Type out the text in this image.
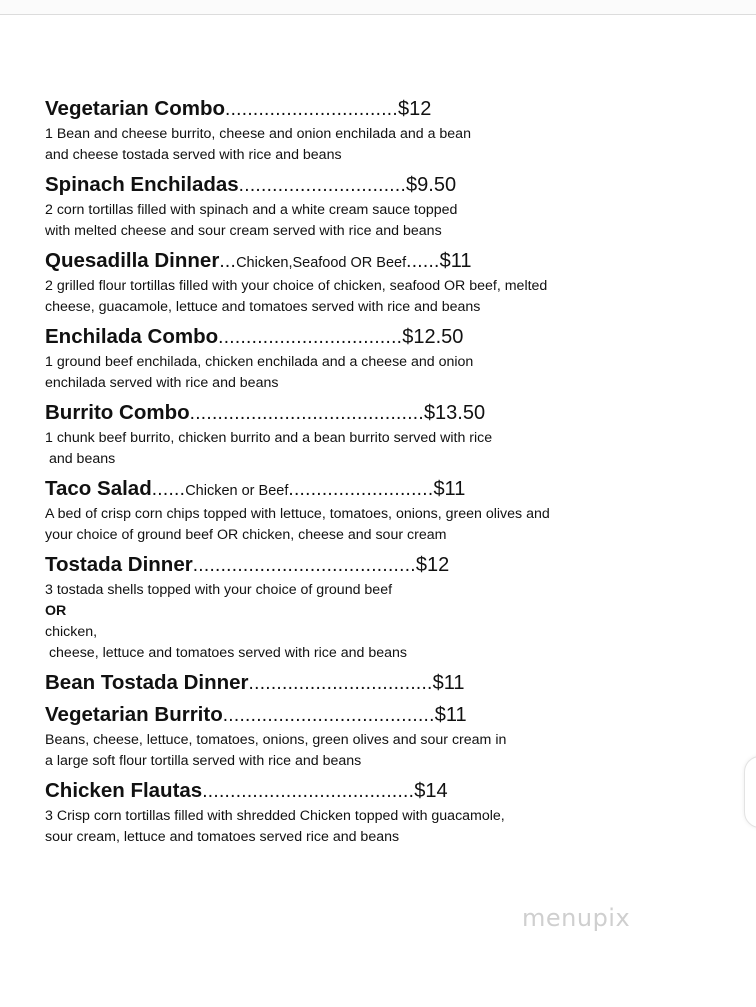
Vegetarian Combo...............................$12
1 Bean and cheese burrito, cheese and onion enchilada and a bean
and cheese tostada served with rice and beans
Spinach Enchiladas..............................$9.50
2 corn tortillas filled with spinach and a white cream sauce topped
with melted cheese and sour cream served with rice and beans
Quesadilla Dinner...Chicken,Seafood OR Beef......$11
2 grilled flour tortillas filled with your choice of chicken, seafood OR beef, melted
cheese, guacamole, lettuce and tomatoes served with rice and beans
Enchilada Combo.................................$12.50
1 ground beef enchilada, chicken enchilada and a cheese and onion
enchilada served with rice and beans
Burrito Combo..........................................$13.50
1 chunk beef burrito, chicken burrito and a bean burrito served with rice
and beans
Taco Salad......Chicken or Beef..........................$11
A bed of crisp corn chips topped with lettuce, tomatoes, onions, green olives and
your choice of ground beef OR chicken, cheese and sour cream
Tostada Dinner........................................$12
3 tostada shells topped with your choice of ground beef
OR
chicken,
cheese, lettuce and tomatoes served with rice and beans
Bean Tostada Dinner.................................$11
Vegetarian Burrito......................................$11
Beans, cheese, lettuce, tomatoes, onions, green olives and sour cream in
a large soft flour tortilla served with rice and beans
Chicken Flautas......................................$14
3 Crisp corn tortillas filled with shredded Chicken topped with guacamole,
sour cream, lettuce and tomatoes served rice and beans
menupix
